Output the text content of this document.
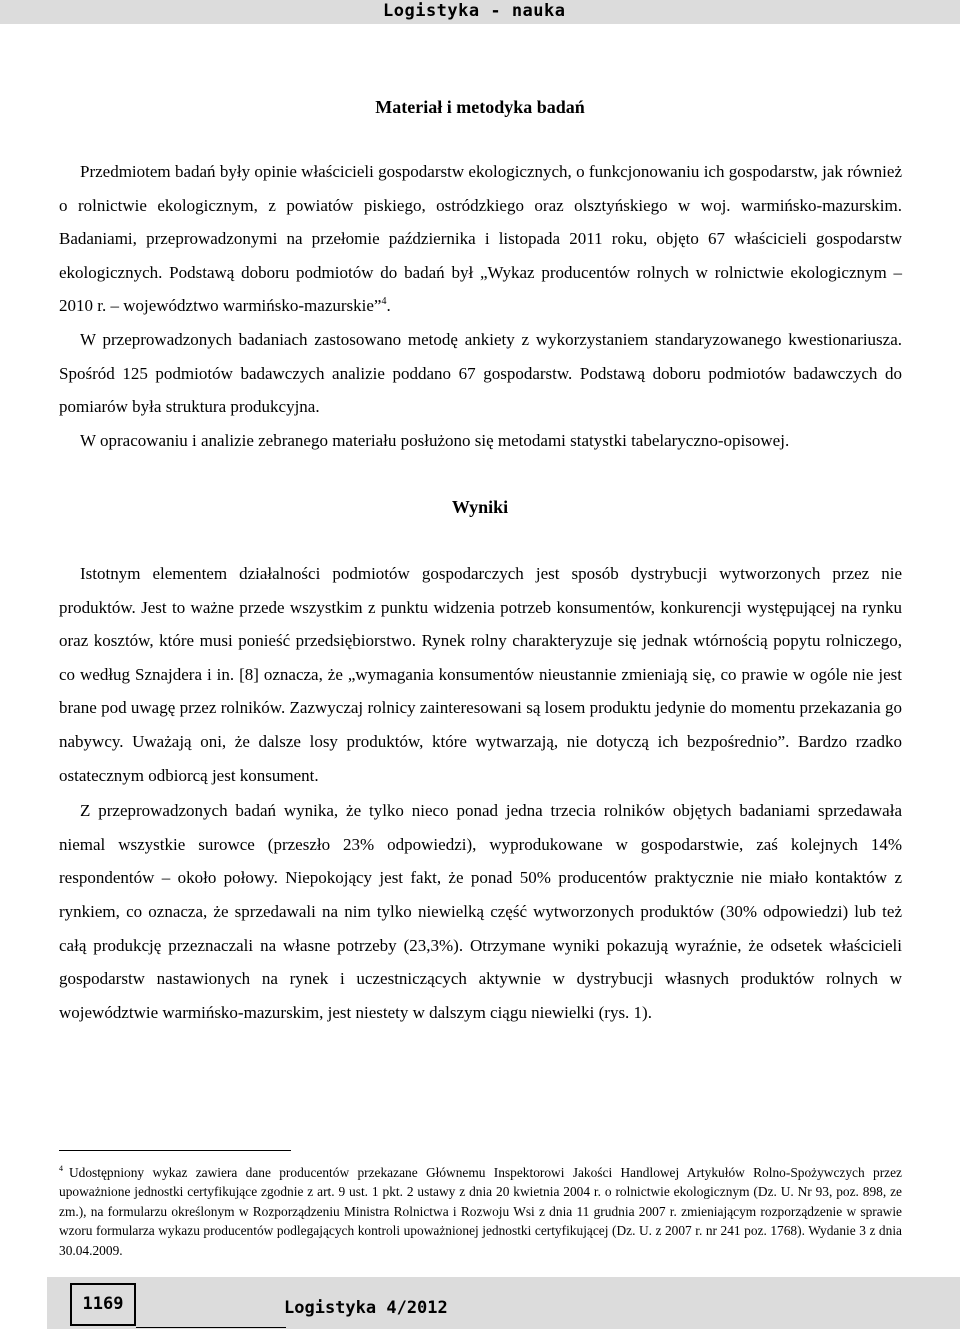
Logistyka - nauka
Materiał i metodyka badań

Przedmiotem badań były opinie właścicieli gospodarstw ekologicznych, o funkcjonowaniu ich gospodarstw, jak również o rolnictwie ekologicznym, z powiatów piskiego, ostródzkiego oraz olsztyńskiego w woj. warmińsko-mazurskim. Badaniami, przeprowadzonymi na przełomie października i listopada 2011 roku, objęto 67 właścicieli gospodarstw ekologicznych. Podstawą doboru podmiotów do badań był „Wykaz producentów rolnych w rolnictwie ekologicznym – 2010 r. – województwo warmińsko-mazurskie”$^4$.

W przeprowadzonych badaniach zastosowano metodę ankiety z wykorzystaniem standaryzowanego kwestionariusza. Spośród 125 podmiotów badawczych analizie poddano 67 gospodarstw. Podstawą doboru podmiotów badawczych do pomiarów była struktura produkcyjna.

W opracowaniu i analizie zebranego materiału posłużono się metodami statystki tabelaryczno-opisowej.

Wyniki

Istotnym elementem działalności podmiotów gospodarczych jest sposób dystrybucji wytworzonych przez nie produktów. Jest to ważne przede wszystkim z punktu widzenia potrzeb konsumentów, konkurencji występującej na rynku oraz kosztów, które musi ponieść przedsiębiorstwo. Rynek rolny charakteryzuje się jednak wtórnością popytu rolniczego, co według Sznajdera i in. [8] oznacza, że „wymagania konsumentów nieustannie zmieniają się, co prawie w ogóle nie jest brane pod uwagę przez rolników. Zazwyczaj rolnicy zainteresowani są losem produktu jedynie do momentu przekazania go nabywcy. Uważają oni, że dalsze losy produktów, które wytwarzają, nie dotyczą ich bezpośrednio”. Bardzo rzadko ostatecznym odbiorcą jest konsument.

Z przeprowadzonych badań wynika, że tylko nieco ponad jedna trzecia rolników objętych badaniami sprzedawała niemal wszystkie surowce (przeszło 23% odpowiedzi), wyprodukowane w gospodarstwie, zaś kolejnych 14% respondentów – około połowy. Niepokojący jest fakt, że ponad 50% producentów praktycznie nie miało kontaktów z rynkiem, co oznacza, że sprzedawali na nim tylko niewielką część wytworzonych produktów (30% odpowiedzi) lub też całą produkcję przeznaczali na własne potrzeby (23,3%). Otrzymane wyniki pokazują wyraźnie, że odsetek właścicieli gospodarstw nastawionych na rynek i uczestniczących aktywnie w dystrybucji własnych produktów rolnych w województwie warmińsko-mazurskim, jest niestety w dalszym ciągu niewielki (rys. 1).

$^4$ Udostępniony wykaz zawiera dane producentów przekazane Głównemu Inspektorowi Jakości Handlowej Artykułów Rolno-Spożywczych przez upoważnione jednostki certyfikujące zgodnie z art. 9 ust. 1 pkt. 2 ustawy z dnia 20 kwietnia 2004 r. o rolnictwie ekologicznym (Dz. U. Nr 93, poz. 898, ze zm.), na formularzu określonym w Rozporządzeniu Ministra Rolnictwa i Rozwoju Wsi z dnia 11 grudnia 2007 r. zmieniającym rozporządzenie w sprawie wzoru formularza wykazu producentów podlegających kontroli upoważnionej jednostki certyfikującej (Dz. U. z 2007 r. nr 241 poz. 1768). Wydanie 3 z dnia 30.04.2009.
1169	Logistyka 4/2012
